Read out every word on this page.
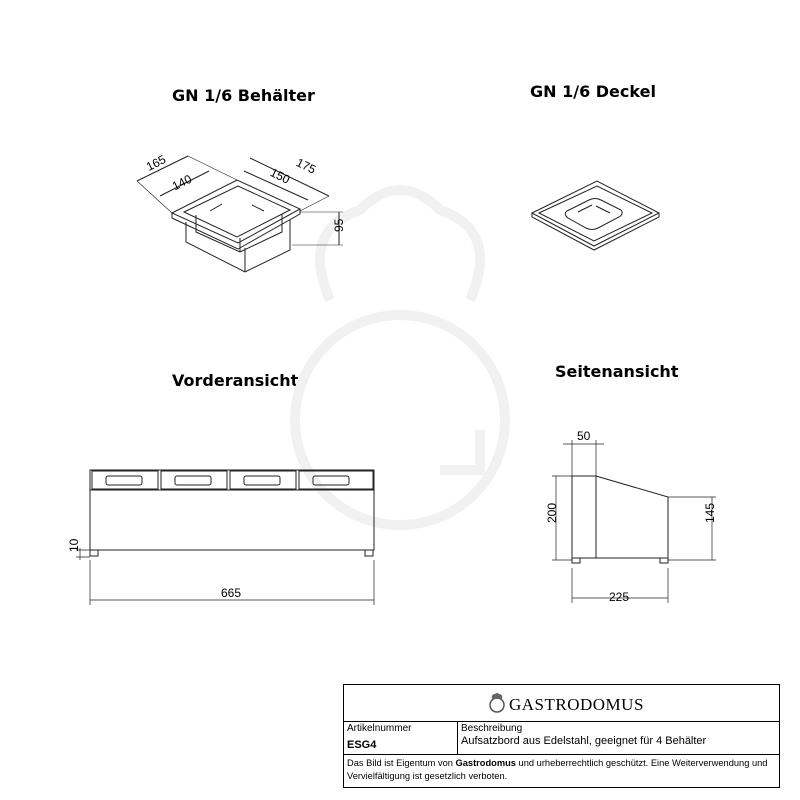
GN 1/6 Behälter	GN 1/6 Deckel
Vorderansicht	Seitenansicht
165
140
175
150
95
10
665
50
200	145
225
GASTRODOMUS
Artikelnummer
ESG4
Beschreibung
Aufsatzbord aus Edelstahl, geeignet für 4 Behälter
Das Bild ist Eigentum von Gastrodomus und urheberrechtlich geschützt. Eine Weiterverwendung und Vervielfältigung ist gesetzlich verboten.
